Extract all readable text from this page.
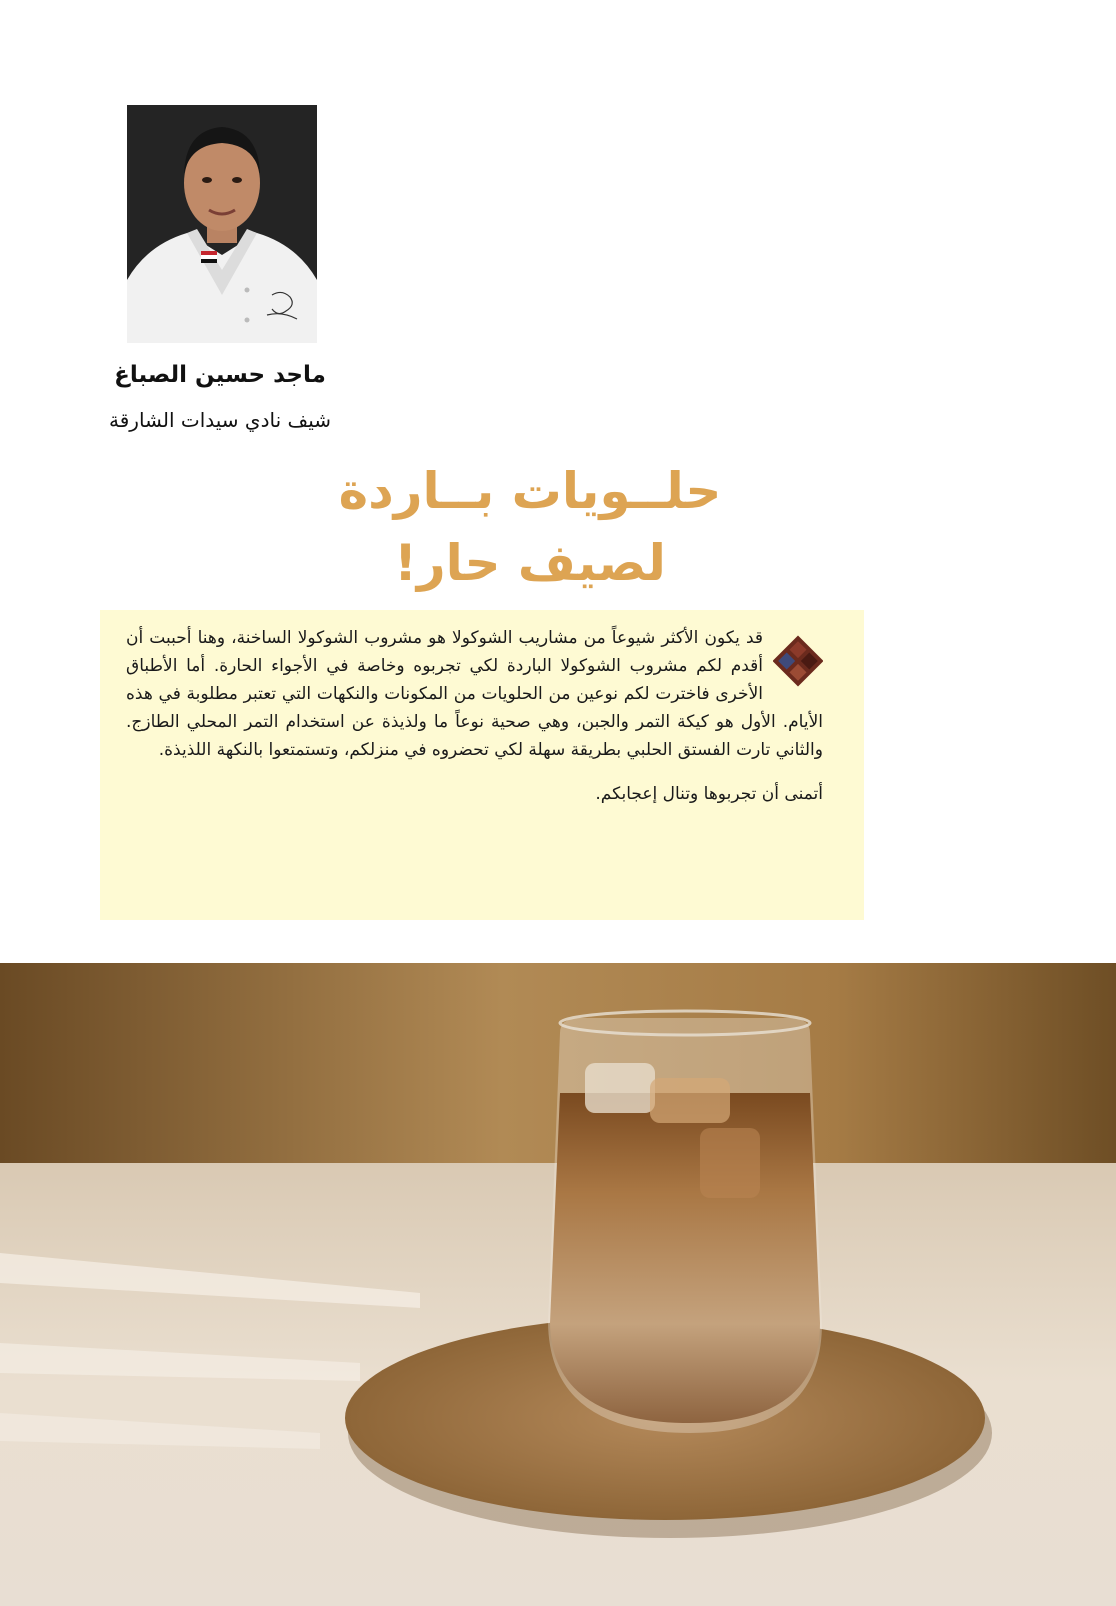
ماجد حسين الصباغ
شيف نادي سيدات الشارقة
حلــويات بــاردة
لصيف حار!

قد يكون الأكثر شيوعاً من مشاريب الشوكولا هو مشروب الشوكولا الساخنة، وهنا أحببت أن أقدم لكم مشروب الشوكولا الباردة لكي تجربوه وخاصة في الأجواء الحارة. أما الأطباق الأخرى فاخترت لكم نوعين من الحلويات من المكونات والنكهات التي تعتبر مطلوبة في هذه الأيام. الأول هو كيكة التمر والجبن، وهي صحية نوعاً ما ولذيذة عن استخدام التمر المحلي الطازج. والثاني تارت الفستق الحلبي بطريقة سهلة لكي تحضروه في منزلكم، وتستمتعوا بالنكهة اللذيذة.

أتمنى أن تجربوها وتنال إعجابكم.
